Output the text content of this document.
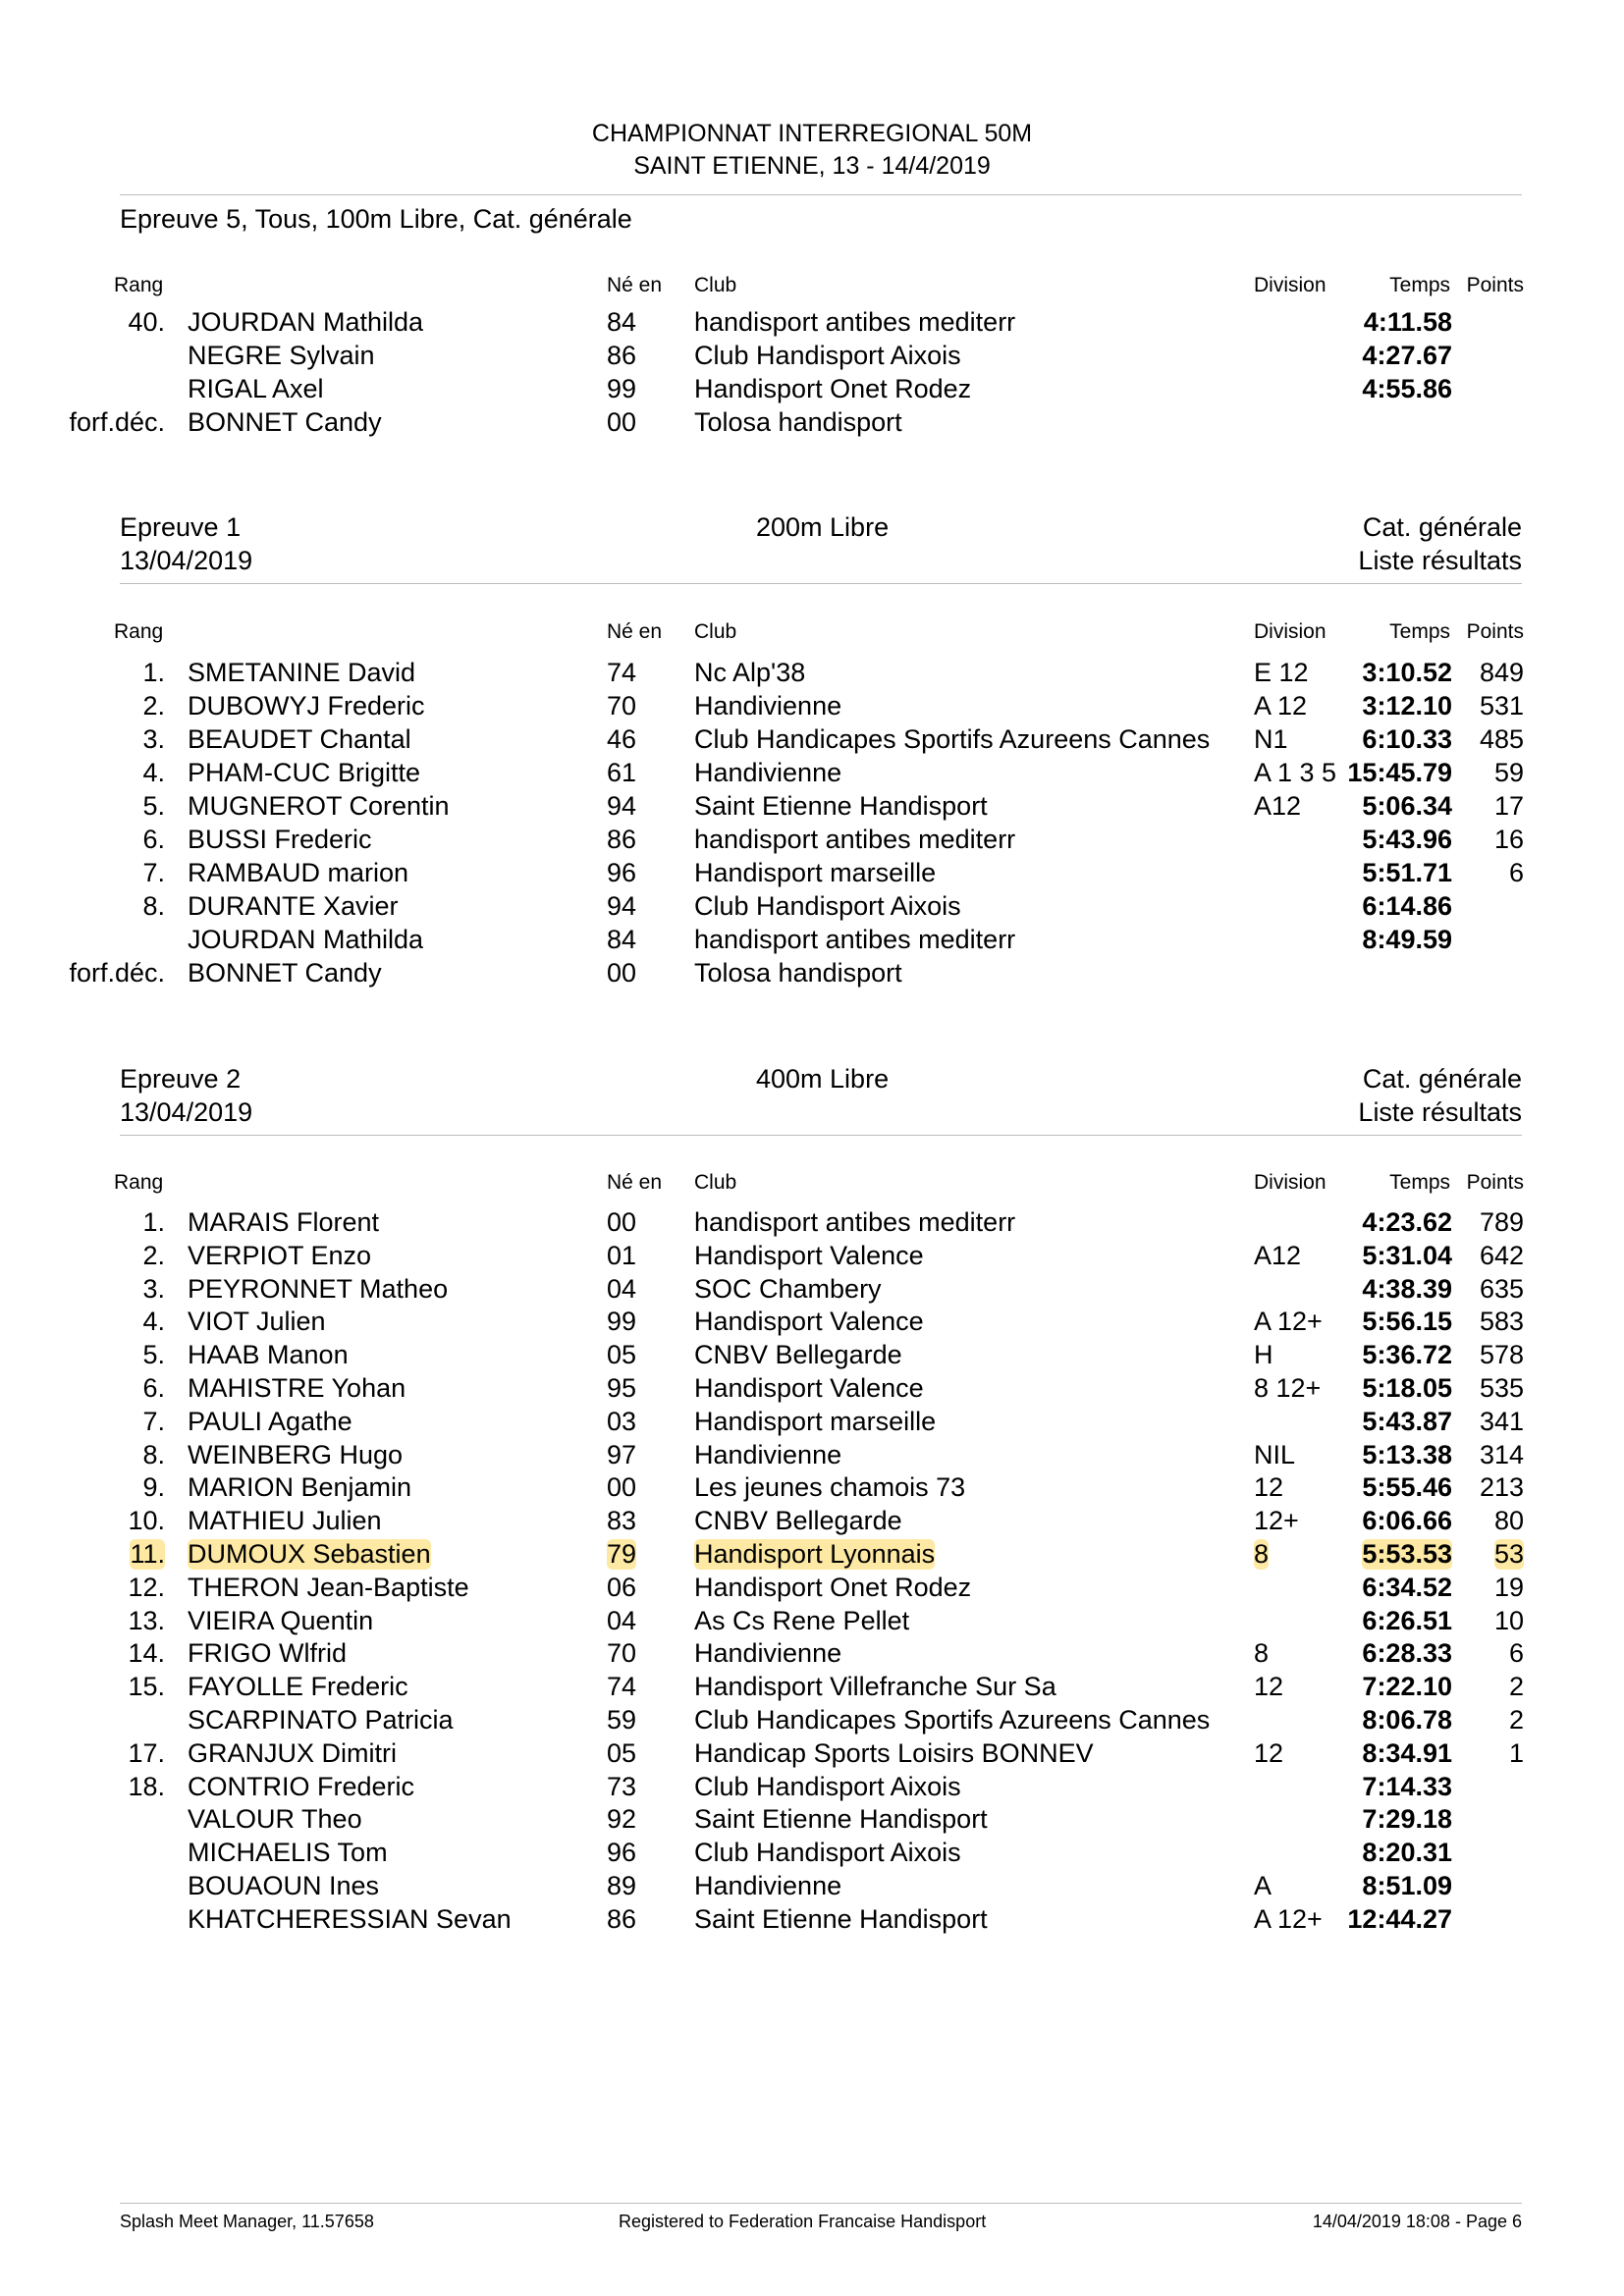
CHAMPIONNAT INTERREGIONAL 50M
SAINT ETIENNE, 13 - 14/4/2019
Epreuve 5, Tous, 100m Libre, Cat. générale
Rang	Né en Club	Division	Temps Points
40. JOURDAN Mathilda	84 handisport antibes mediterr	4:11.58
NEGRE Sylvain	86 Club Handisport Aixois	4:27.67
RIGAL Axel	99 Handisport Onet Rodez	4:55.86
forf.déc. BONNET Candy	00 Tolosa handisport
Epreuve 1
13/04/2019
200m Libre	Cat. générale
Liste résultats
Rang	Né en Club	Division	Temps Points
1. SMETANINE David	74 Nc Alp'38	E 12 3:10.52 849
2. DUBOWYJ Frederic	70 Handivienne	A 12 3:12.10 531
3. BEAUDET Chantal	46 Club Handicapes Sportifs Azureens Cannes N1	6:10.33 485
4. PHAM-CUC Brigitte	61 Handivienne	A 1 3 5 15:45.79 59
5. MUGNEROT Corentin	94 Saint Etienne Handisport	A12 5:06.34 17
6. BUSSI Frederic	86 handisport antibes mediterr	5:43.96 16
7. RAMBAUD marion	96 Handisport marseille	5:51.71 6
8. DURANTE Xavier	94 Club Handisport Aixois	6:14.86
JOURDAN Mathilda	84 handisport antibes mediterr	8:49.59
forf.déc. BONNET Candy	00 Tolosa handisport
Epreuve 2
13/04/2019
400m Libre	Cat. générale
Liste résultats
Rang	Né en Club	Division	Temps Points
1. MARAIS Florent	00 handisport antibes mediterr	4:23.62 789
2. VERPIOT Enzo	01 Handisport Valence	A12 5:31.04 642
3. PEYRONNET Matheo	04 SOC Chambery	4:38.39 635
4. VIOT Julien	99 Handisport Valence	A 12+ 5:56.15 583
5. HAAB Manon	05 CNBV Bellegarde	H	5:36.72 578
6. MAHISTRE Yohan	95 Handisport Valence	8 12+ 5:18.05 535
7. PAULI Agathe	03 Handisport marseille	5:43.87 341
8. WEINBERG Hugo	97 Handivienne	NIL	5:13.38 314
9. MARION Benjamin	00 Les jeunes chamois 73	12	5:55.46 213
10. MATHIEU Julien	83 CNBV Bellegarde	12+ 6:06.66 80
11. DUMOUX Sebastien	79 Handisport Lyonnais	8	5:53.53 53
12. THERON Jean-Baptiste	06 Handisport Onet Rodez	6:34.52 19
13. VIEIRA Quentin	04 As Cs Rene Pellet	6:26.51 10
14. FRIGO Wlfrid	70 Handivienne	8	6:28.33 6
15. FAYOLLE Frederic	74 Handisport Villefranche Sur Sa	12	7:22.10 2
SCARPINATO Patricia	59 Club Handicapes Sportifs Azureens Cannes	8:06.78 2
17. GRANJUX Dimitri	05 Handicap Sports Loisirs BONNEV	12	8:34.91 1
18. CONTRIO Frederic	73 Club Handisport Aixois	7:14.33
VALOUR Theo	92 Saint Etienne Handisport	7:29.18
MICHAELIS Tom	96 Club Handisport Aixois	8:20.31
BOUAOUN Ines	89 Handivienne	A	8:51.09
KHATCHERESSIAN Sevan	86 Saint Etienne Handisport	A 12+ 12:44.27
Splash Meet Manager, 11.57658	Registered to Federation Francaise Handisport	14/04/2019 18:08 - Page 6
